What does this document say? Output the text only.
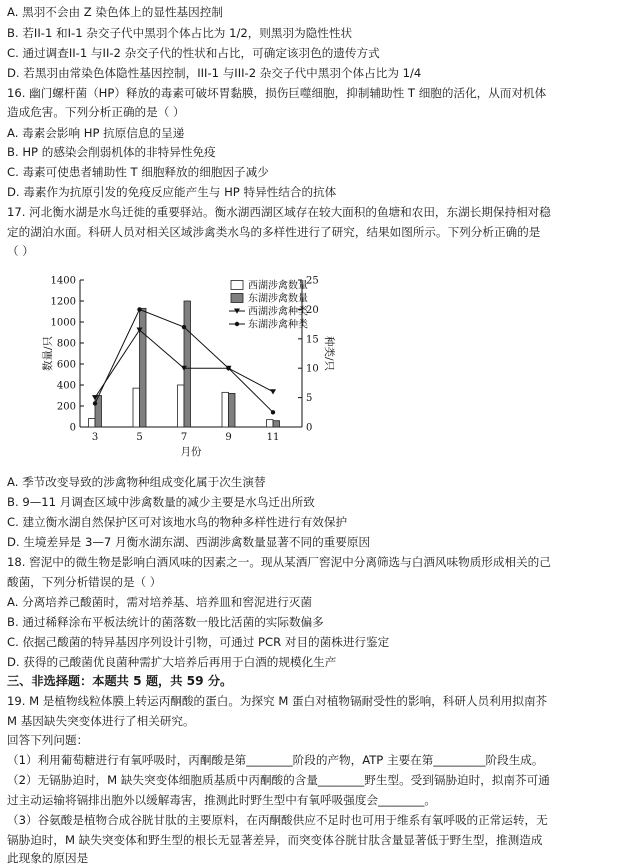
A. 黑羽不会由 Z 染色体上的显性基因控制
B. 若II-1 和I-1 杂交子代中黑羽个体占比为 1/2，则黑羽为隐性性状
C. 通过调查II-1 与II-2 杂交子代的性状和占比，可确定该羽色的遗传方式
D. 若黑羽由常染色体隐性基因控制，III-1 与III-2 杂交子代中黑羽个体占比为 1/4
16. 幽门螺杆菌（HP）释放的毒素可破坏胃黏膜，损伤巨噬细胞，抑制辅助性 T 细胞的活化，从而对机体
造成危害。下列分析正确的是（ ）
A. 毒素会影响 HP 抗原信息的呈递
B. HP 的感染会削弱机体的非特异性免疫
C. 毒素可使患者辅助性 T 细胞释放的细胞因子减少
D. 毒素作为抗原引发的免疫反应能产生与 HP 特异性结合的抗体
17. 河北衡水湖是水鸟迁徙的重要驿站。衡水湖西湖区域存在较大面积的鱼塘和农田，东湖长期保持相对稳
定的湖泊水面。科研人员对相关区域涉禽类水鸟的多样性进行了研究，结果如图所示。下列分析正确的是
（ ）
0
200
400
600
800
1000
1200
1400
0
5
10
15
20
25
3	5	7	9	11
月份
数量/只	种类/只
西湖涉禽数量
东湖涉禽数量
西湖涉禽种类
东湖涉禽种类
A. 季节改变导致的涉禽物种组成变化属于次生演替
B. 9—11 月调查区域中涉禽数量的减少主要是水鸟迁出所致
C. 建立衡水湖自然保护区可对该地水鸟的物种多样性进行有效保护
D. 生境差异是 3—7 月衡水湖东湖、西湖涉禽数量显著不同的重要原因
18. 窖泥中的微生物是影响白酒风味的因素之一。现从某酒厂窖泥中分离筛选与白酒风味物质形成相关的己
酸菌，下列分析错误的是（ ）
A. 分离培养己酸菌时，需对培养基、培养皿和窖泥进行灭菌
B. 通过稀释涂布平板法统计的菌落数一般比活菌的实际数偏多
C. 依据己酸菌的特异基因序列设计引物，可通过 PCR 对目的菌株进行鉴定
D. 获得的己酸菌优良菌种需扩大培养后再用于白酒的规模化生产
三、非选择题：本题共 5 题，共 59 分。
19. M 是植物线粒体膜上转运丙酮酸的蛋白。为探究 M 蛋白对植物镉耐受性的影响，科研人员利用拟南芥
M 基因缺失突变体进行了相关研究。
回答下列问题：
（1）利用葡萄糖进行有氧呼吸时，丙酮酸是第________阶段的产物，ATP 主要在第_________阶段生成。
（2）无镉胁迫时，M 缺失突变体细胞质基质中丙酮酸的含量________野生型。受到镉胁迫时，拟南芥可通
过主动运输将镉排出胞外以缓解毒害，推测此时野生型中有氧呼吸强度会________。
（3）谷氨酸是植物合成谷胱甘肽的主要原料，在丙酮酸供应不足时也可用于维系有氧呼吸的正常运转，无
镉胁迫时，M 缺失突变体和野生型的根长无显著差异，而突变体谷胱甘肽含量显著低于野生型，推测造成
此现象的原因是
